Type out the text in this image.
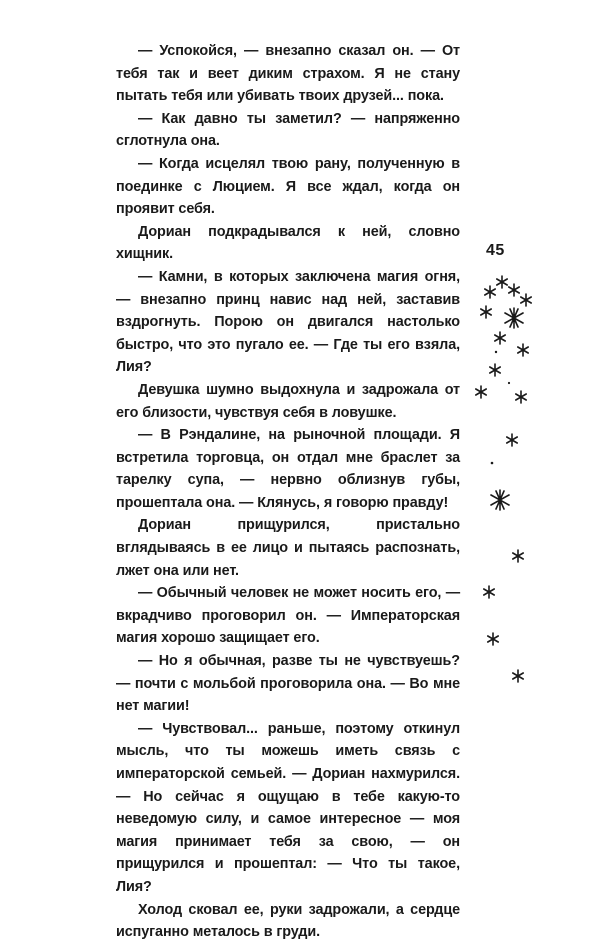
— Успокойся, — внезапно сказал он. — От тебя так и веет диким страхом. Я не стану пытать тебя или убивать твоих друзей... пока.

— Как давно ты заметил? — напряженно сглотнула она.

— Когда исцелял твою рану, полученную в поединке с Люцием. Я все ждал, когда он проявит себя.

Дориан подкрадывался к ней, словно хищник.

— Камни, в которых заключена магия огня, — внезапно принц навис над ней, заставив вздрогнуть. Порою он двигался настолько быстро, что это пугало ее. — Где ты его взяла, Лия?

Девушка шумно выдохнула и задрожала от его близости, чувствуя себя в ловушке.

— В Рэндалине, на рыночной площади. Я встретила торговца, он отдал мне браслет за тарелку супа, — нервно облизнув губы, прошептала она. — Клянусь, я говорю правду!

Дориан прищурился, пристально вглядываясь в ее лицо и пытаясь распознать, лжет она или нет.

— Обычный человек не может носить его, — вкрадчиво проговорил он. — Императорская магия хорошо защищает его.

— Но я обычная, разве ты не чувствуешь? — почти с мольбой проговорила она. — Во мне нет магии!

— Чувствовал... раньше, поэтому откинул мысль, что ты можешь иметь связь с императорской семьей. — Дориан нахмурился. — Но сейчас я ощущаю в тебе какую-то неведомую силу, и самое интересное — моя магия принимает тебя за свою, — он прищурился и прошептал: — Что ты такое, Лия?

Холод сковал ее, руки задрожали, а сердце испуганно металось в груди.

45
